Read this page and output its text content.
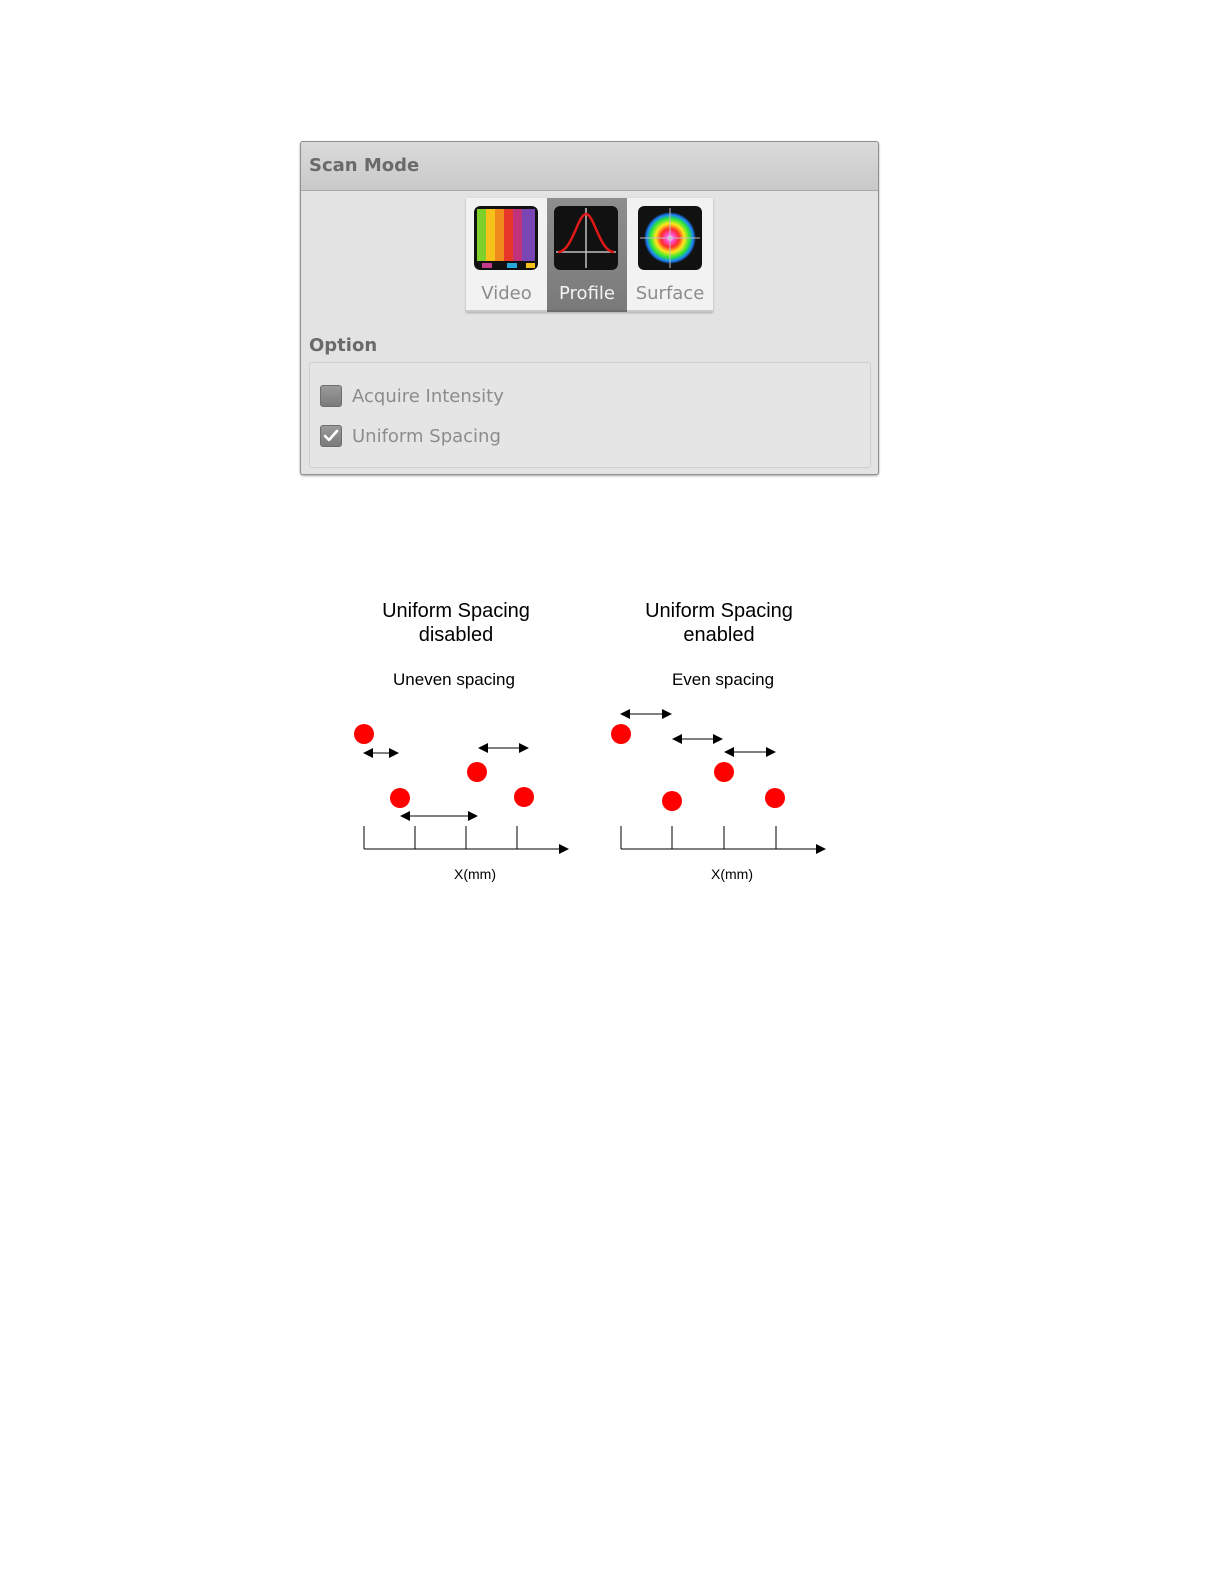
Scan Mode
Video	Profile	Surface
Option
Acquire Intensity
Uniform Spacing
Uniform Spacing
disabled
Uneven spacing
X(mm)
Uniform Spacing
enabled
Even spacing
X(mm)
